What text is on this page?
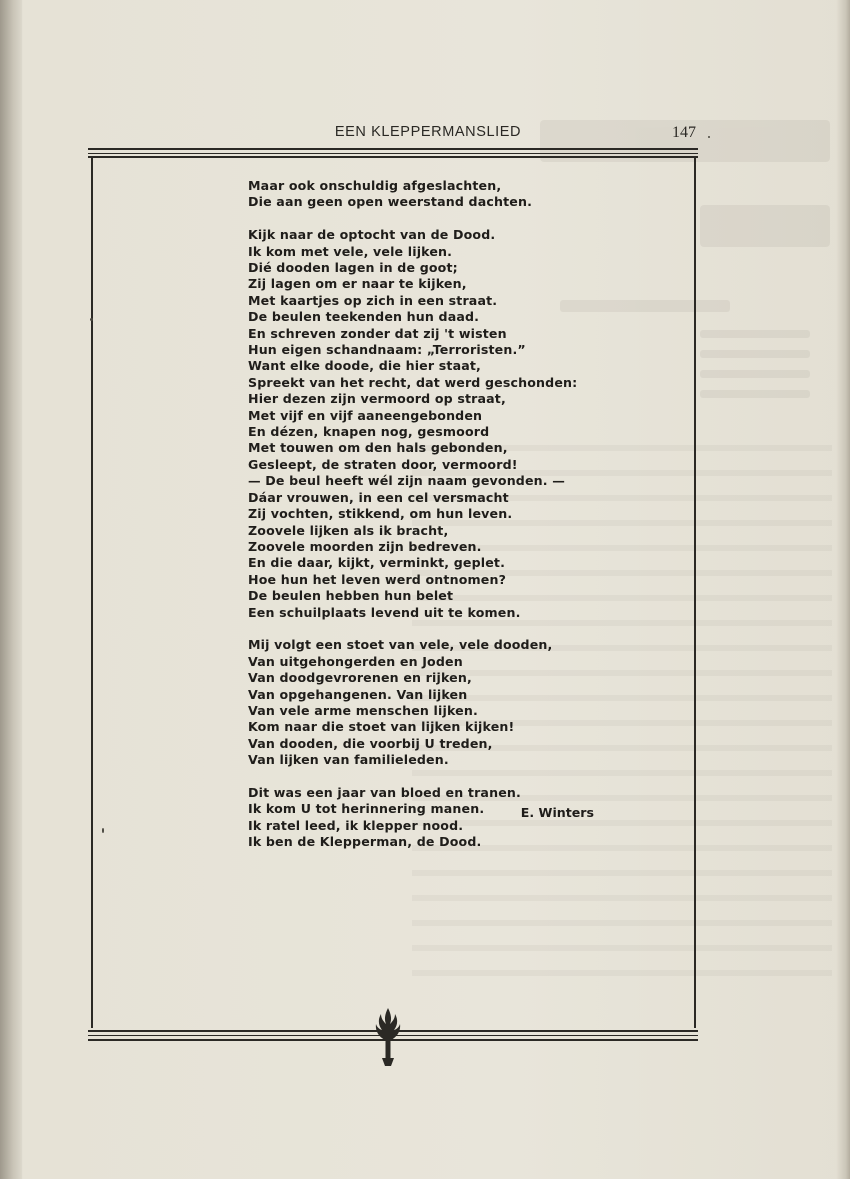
EEN KLEPPERMANSLIED	147
Maar ook onschuldig afgeslachten,
Die aan geen open weerstand dachten.
Kijk naar de optocht van de Dood.
Ik kom met vele, vele lijken.
Dié dooden lagen in de goot;
Zij lagen om er naar te kijken,
Met kaartjes op zich in een straat.
De beulen teekenden hun daad.
En schreven zonder dat zij 't wisten
Hun eigen schandnaam: „Terroristen.”
Want elke doode, die hier staat,
Spreekt van het recht, dat werd geschonden:
Hier dezen zijn vermoord op straat,
Met vijf en vijf aaneengebonden
En dézen, knapen nog, gesmoord
Met touwen om den hals gebonden,
Gesleept, de straten door, vermoord!
— De beul heeft wél zijn naam gevonden. —
Dáar vrouwen, in een cel versmacht
Zij vochten, stikkend, om hun leven.
Zoovele lijken als ik bracht,
Zoovele moorden zijn bedreven.
En die daar, kijkt, verminkt, geplet.
Hoe hun het leven werd ontnomen?
De beulen hebben hun belet
Een schuilplaats levend uit te komen.
Mij volgt een stoet van vele, vele dooden,
Van uitgehongerden en Joden
Van doodgevrorenen en rijken,
Van opgehangenen. Van lijken
Van vele arme menschen lijken.
Kom naar die stoet van lijken kijken!
Van dooden, die voorbij U treden,
Van lijken van familieleden.
Dit was een jaar van bloed en tranen.
Ik kom U tot herinnering manen.
Ik ratel leed, ik klepper nood.
Ik ben de Klepperman, de Dood.
E. Winters
